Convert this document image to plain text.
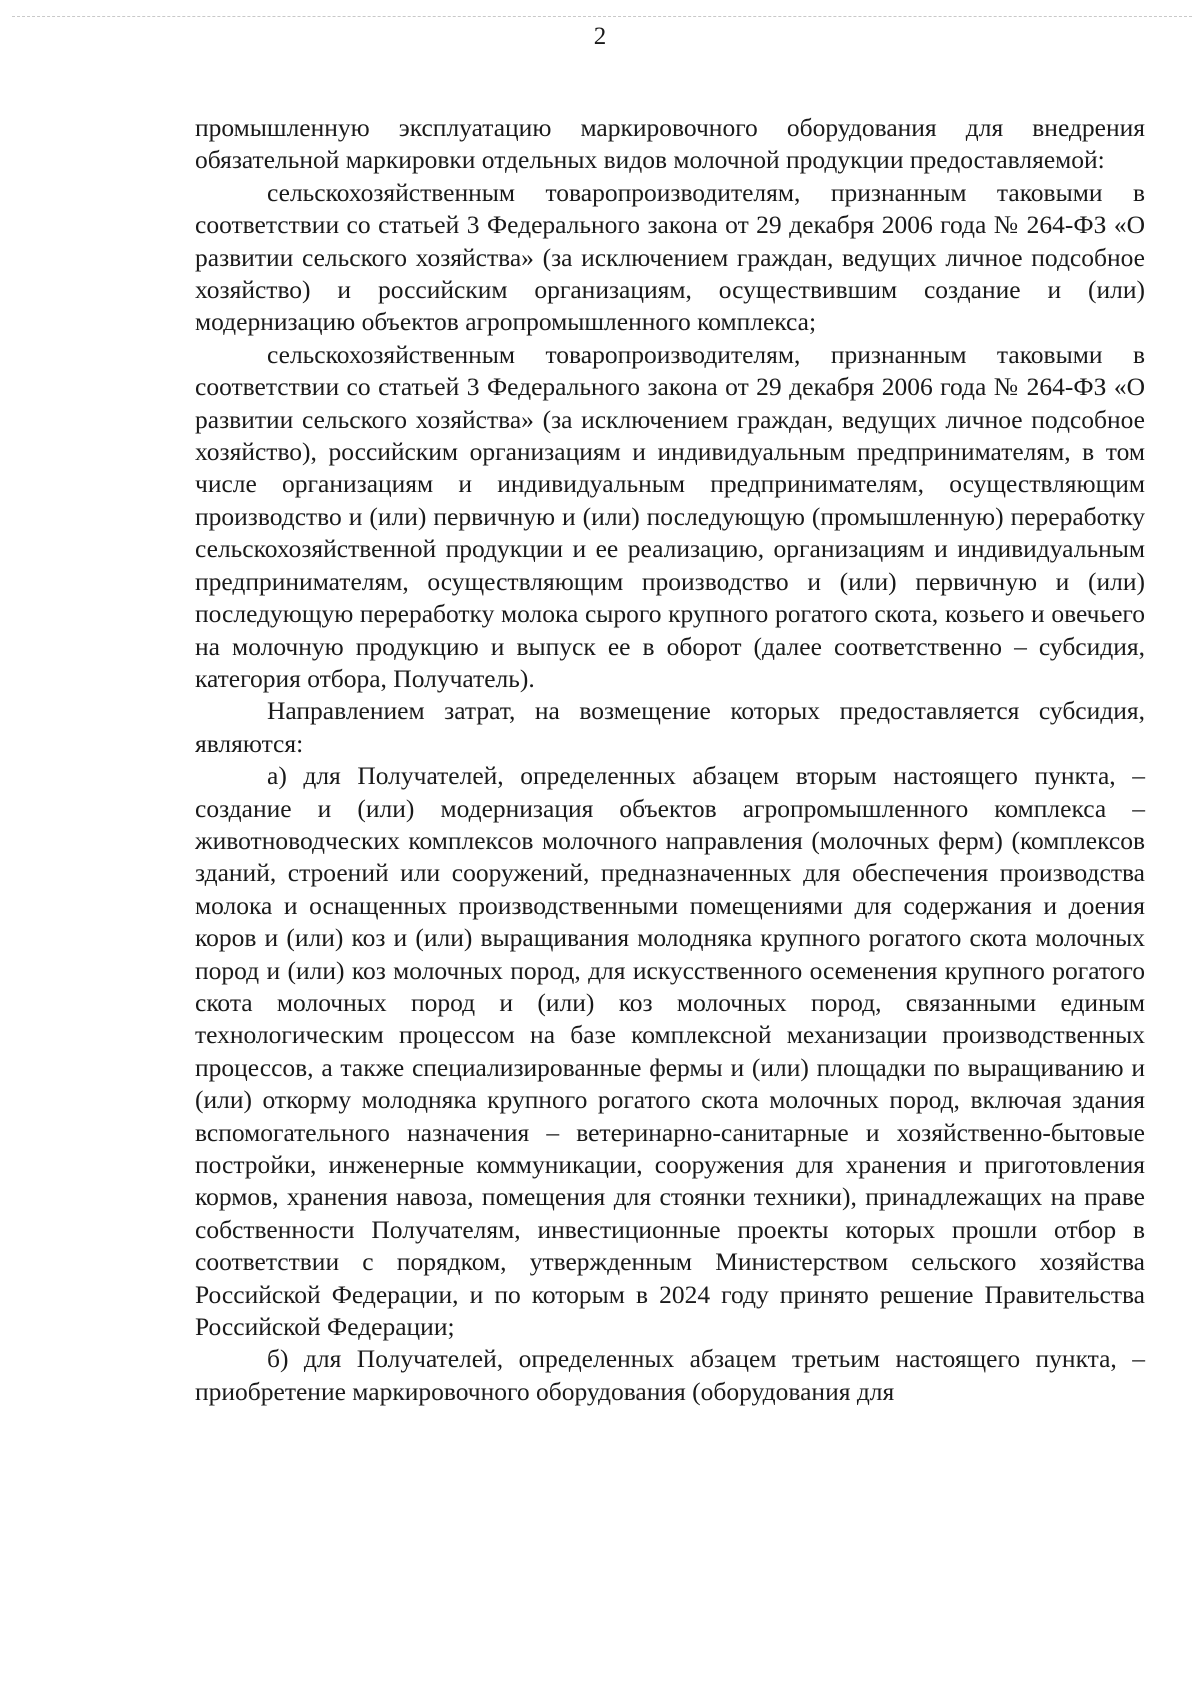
2

промышленную эксплуатацию маркировочного оборудования для внедрения обязательной маркировки отдельных видов молочной продукции предоставляемой:

сельскохозяйственным товаропроизводителям, признанным таковыми в соответствии со статьей 3 Федерального закона от 29 декабря 2006 года № 264-ФЗ «О развитии сельского хозяйства» (за исключением граждан, ведущих личное подсобное хозяйство) и российским организациям, осуществившим создание и (или) модернизацию объектов агропромышленного комплекса;

сельскохозяйственным товаропроизводителям, признанным таковыми в соответствии со статьей 3 Федерального закона от 29 декабря 2006 года № 264-ФЗ «О развитии сельского хозяйства» (за исключением граждан, ведущих личное подсобное хозяйство), российским организациям и индивидуальным предпринимателям, в том числе организациям и индивидуальным предпринимателям, осуществляющим производство и (или) первичную и (или) последующую (промышленную) переработку сельскохозяйственной продукции и ее реализацию, организациям и индивидуальным предпринимателям, осуществляющим производство и (или) первичную и (или) последующую переработку молока сырого крупного рогатого скота, козьего и овечьего на молочную продукцию и выпуск ее в оборот (далее соответственно – субсидия, категория отбора, Получатель).

Направлением затрат, на возмещение которых предоставляется субсидия, являются:

а) для Получателей, определенных абзацем вторым настоящего пункта, – создание и (или) модернизация объектов агропромышленного комплекса – животноводческих комплексов молочного направления (молочных ферм) (комплексов зданий, строений или сооружений, предназначенных для обеспечения производства молока и оснащенных производственными помещениями для содержания и доения коров и (или) коз и (или) выращивания молодняка крупного рогатого скота молочных пород и (или) коз молочных пород, для искусственного осеменения крупного рогатого скота молочных пород и (или) коз молочных пород, связанными единым технологическим процессом на базе комплексной механизации производственных процессов, а также специализированные фермы и (или) площадки по выращиванию и (или) откорму молодняка крупного рогатого скота молочных пород, включая здания вспомогательного назначения – ветеринарно-санитарные и хозяйственно-бытовые постройки, инженерные коммуникации, сооружения для хранения и приготовления кормов, хранения навоза, помещения для стоянки техники), принадлежащих на праве собственности Получателям, инвестиционные проекты которых прошли отбор в соответствии с порядком, утвержденным Министерством сельского хозяйства Российской Федерации, и по которым в 2024 году принято решение Правительства Российской Федерации;

б) для Получателей, определенных абзацем третьим настоящего пункта, – приобретение маркировочного оборудования (оборудования для
